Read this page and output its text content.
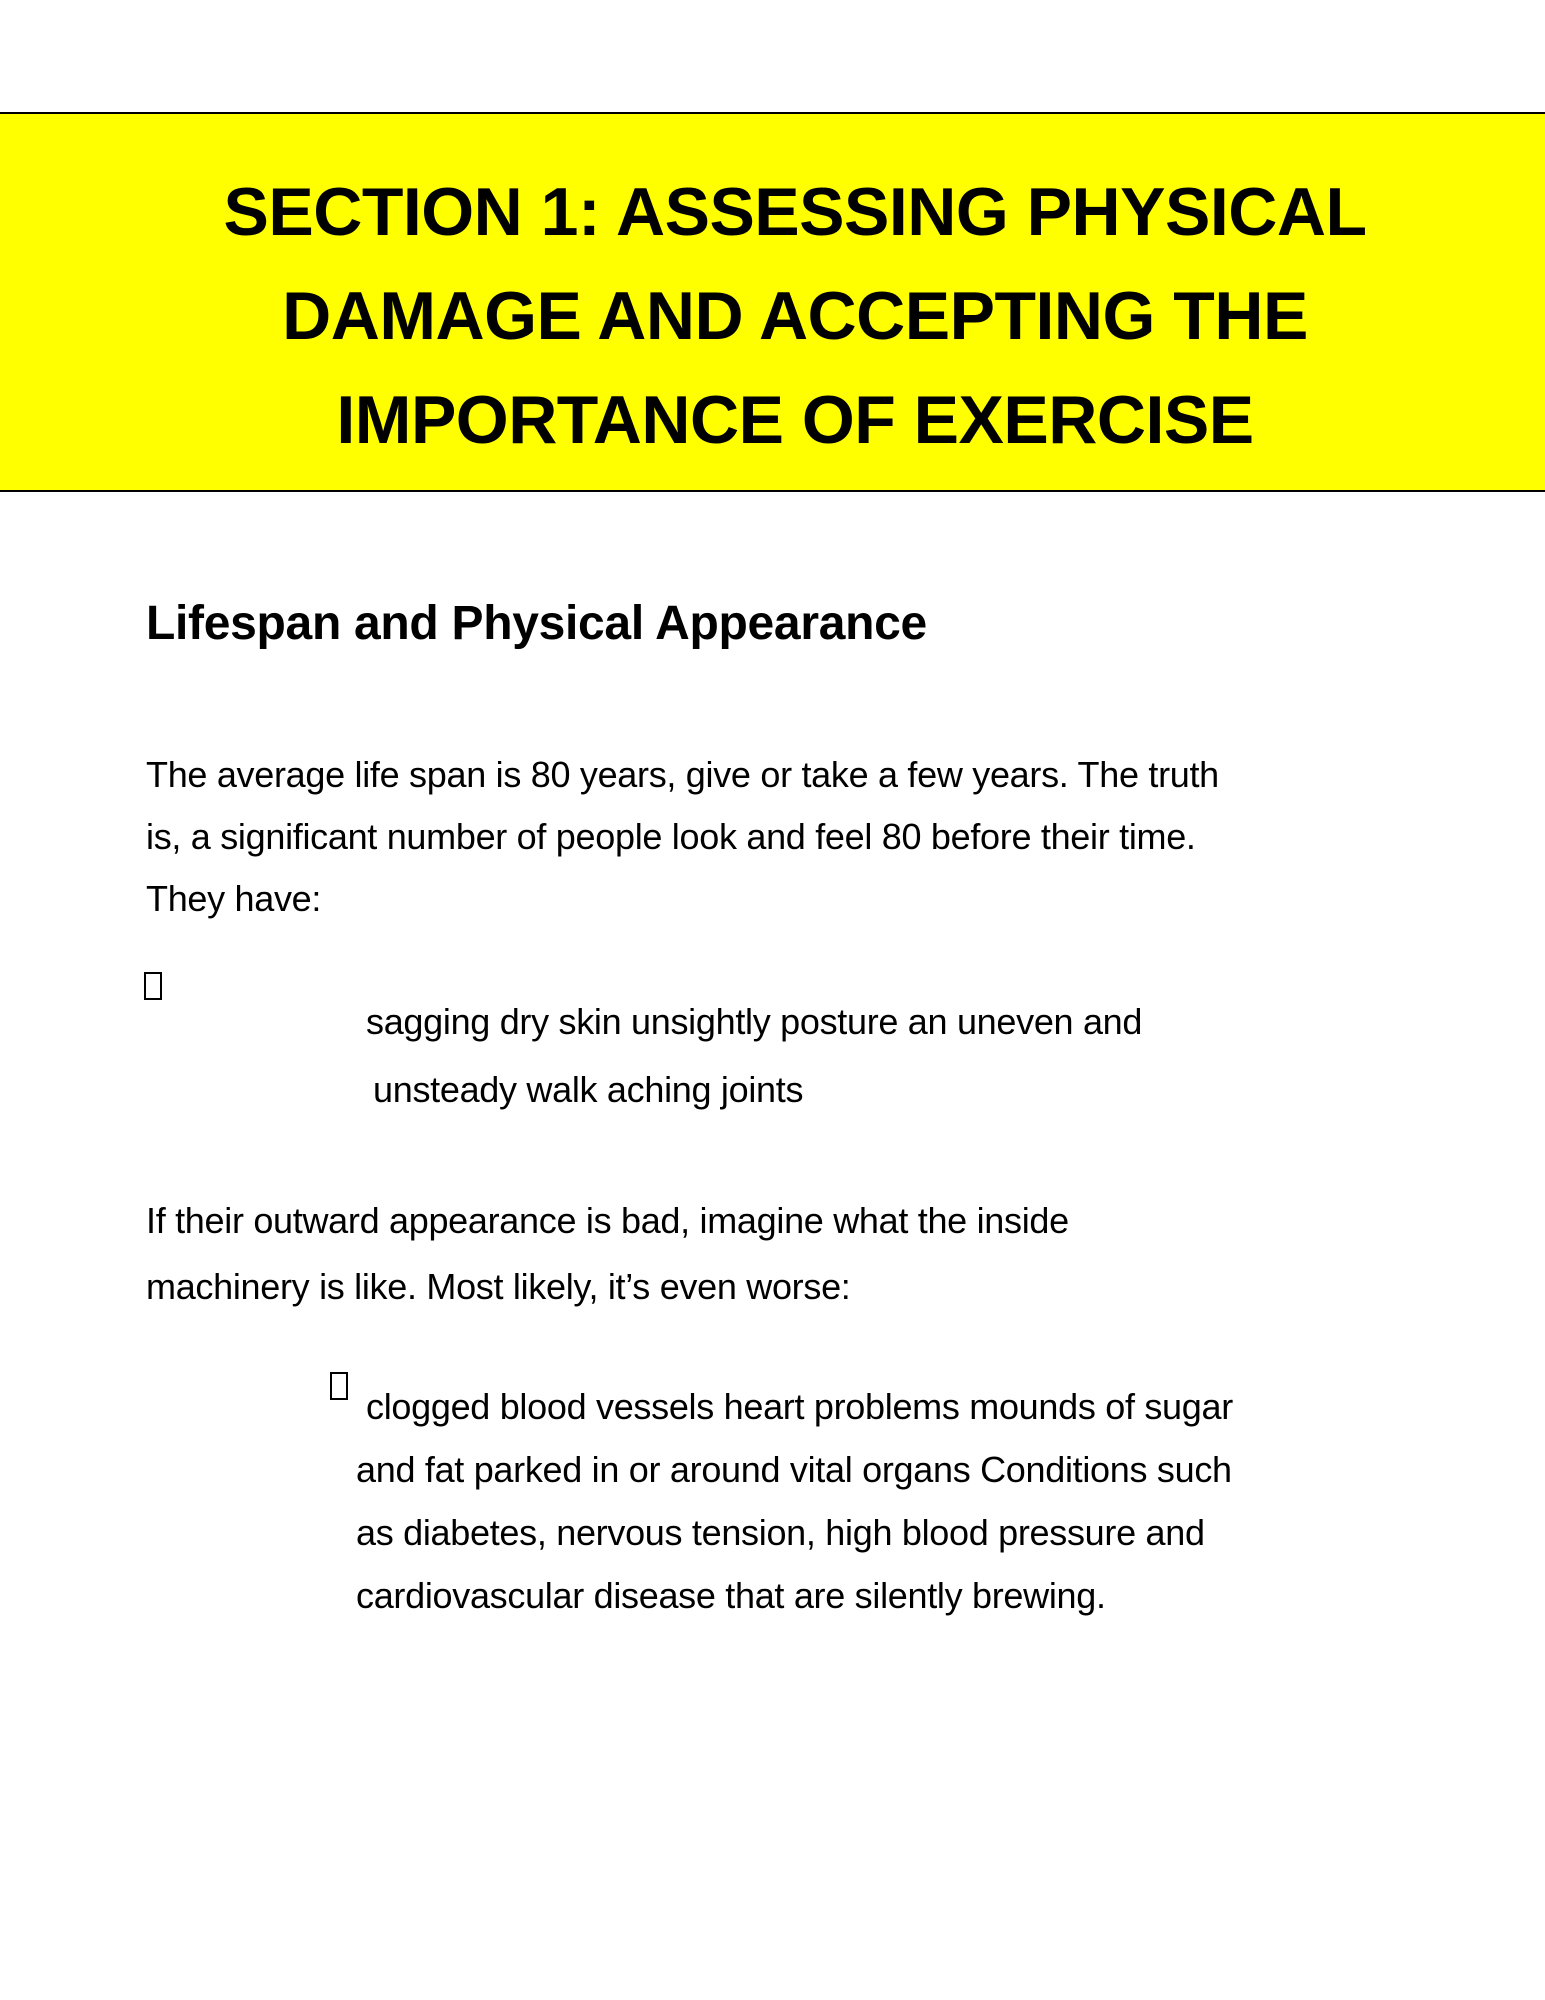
SECTION 1: ASSESSING PHYSICAL
DAMAGE AND ACCEPTING THE
IMPORTANCE OF EXERCISE
Lifespan and Physical Appearance

The average life span is 80 years, give or take a few years. The truth
is, a significant number of people look and feel 80 before their time.
They have:

sagging dry skin unsightly posture an uneven and

unsteady walk aching joints

If their outward appearance is bad, imagine what the inside
machinery is like. Most likely, it’s even worse:

clogged blood vessels heart problems mounds of sugar
and fat parked in or around vital organs Conditions such
as diabetes, nervous tension, high blood pressure and
cardiovascular disease that are silently brewing.
